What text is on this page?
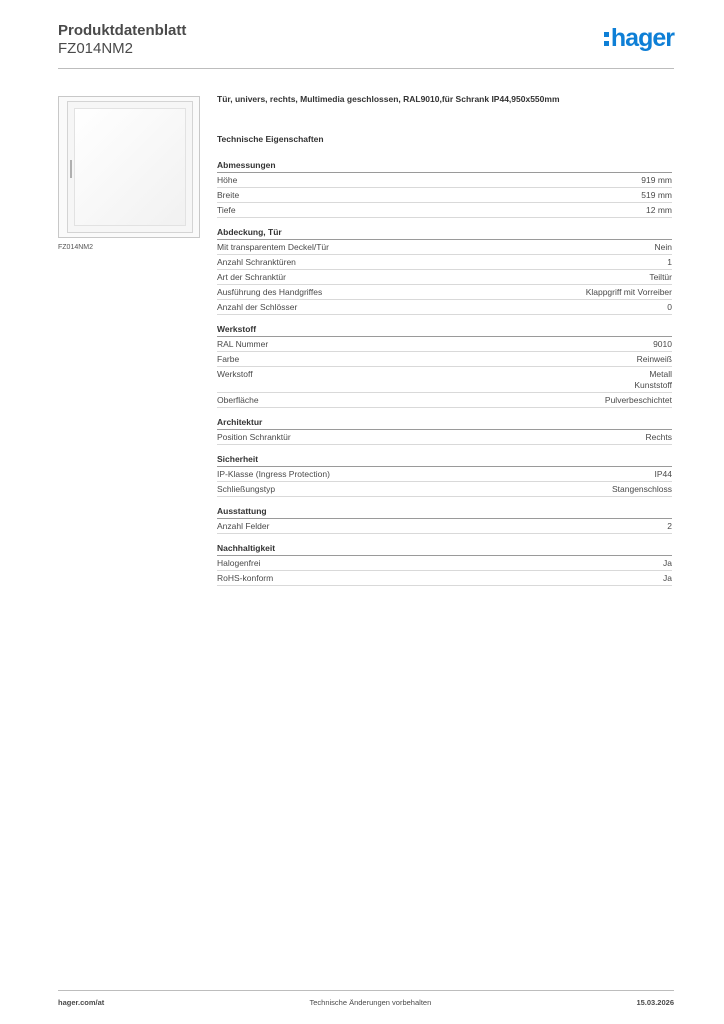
Produktdatenblatt
FZ014NM2	hager
FZ014NM2
Tür, univers, rechts, Multimedia geschlossen, RAL9010,für Schrank IP44,950x550mm
Technische Eigenschaften
Abmessungen
Höhe	919 mm
Breite	519 mm
Tiefe	12 mm
Abdeckung, Tür
Mit transparentem Deckel/Tür	Nein
Anzahl Schranktüren	1
Art der Schranktür	Teiltür
Ausführung des Handgriffes	Klappgriff mit Vorreiber
Anzahl der Schlösser	0
Werkstoff
RAL Nummer	9010
Farbe	Reinweiß
Werkstoff	Metall
Kunststoff
Oberfläche	Pulverbeschichtet
Architektur
Position Schranktür	Rechts
Sicherheit
IP-Klasse (Ingress Protection)	IP44
Schließungstyp	Stangenschloss
Ausstattung
Anzahl Felder	2
Nachhaltigkeit
Halogenfrei	Ja
RoHS-konform	Ja
hager.com/at	Technische Änderungen vorbehalten	15.03.2026
